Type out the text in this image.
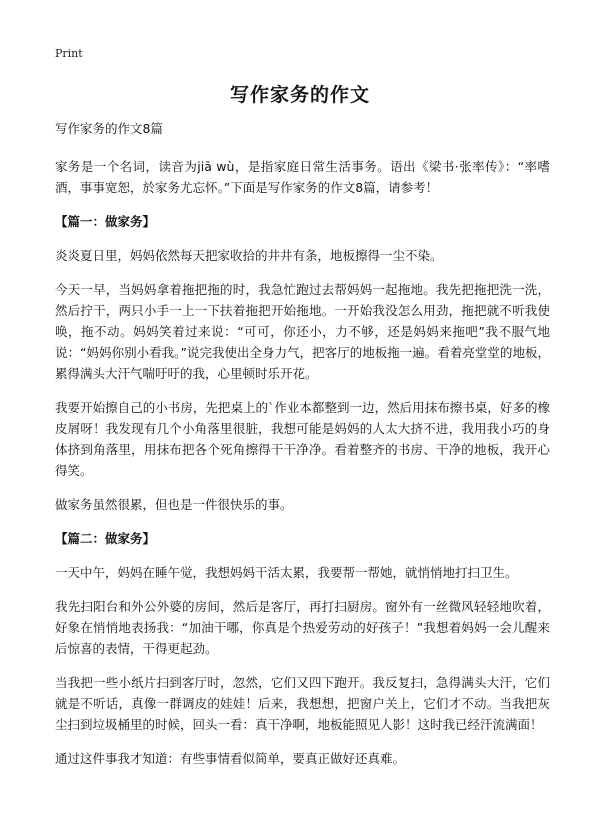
Print
写作家务的作文

写作家务的作文8篇

家务是一个名词，读音为jiā wù，是指家庭日常生活事务。语出《梁书·张率传》：“率嗜酒，事事宽恕，於家务尤忘怀。”下面是写作家务的作文8篇，请参考！

【篇一：做家务】

炎炎夏日里，妈妈依然每天把家收拾的井井有条，地板擦得一尘不染。

今天一早，当妈妈拿着拖把拖的时，我急忙跑过去帮妈妈一起拖地。我先把拖把洗一洗，然后拧干，两只小手一上一下扶着拖把开始拖地。一开始我没怎么用劲，拖把就不听我使唤，拖不动。妈妈笑着过来说：“可可，你还小，力不够，还是妈妈来拖吧”我不服气地说：“妈妈你别小看我。”说完我使出全身力气，把客厅的地板拖一遍。看着亮堂堂的地板，累得满头大汗气喘吁吁的我，心里顿时乐开花。

我要开始擦自己的小书房，先把桌上的`作业本都整到一边，然后用抹布擦书桌，好多的橡皮屑呀！我发现有几个小角落里很脏，我想可能是妈妈的人太大挤不进，我用我小巧的身体挤到角落里，用抹布把各个死角擦得干干净净。看着整齐的书房、干净的地板，我开心得笑。

做家务虽然很累，但也是一件很快乐的事。

【篇二：做家务】

一天中午，妈妈在睡午觉，我想妈妈干活太累，我要帮一帮她，就悄悄地打扫卫生。

我先扫阳台和外公外婆的房间，然后是客厅，再打扫厨房。窗外有一丝微风轻轻地吹着，好象在悄悄地表扬我：“加油干哪，你真是个热爱劳动的好孩子！”我想着妈妈一会儿醒来后惊喜的表情，干得更起劲。

当我把一些小纸片扫到客厅时，忽然，它们又四下跑开。我反复扫，急得满头大汗，它们就是不听话，真像一群调皮的娃娃！后来，我想想，把窗户关上，它们才不动。当我把灰尘扫到垃圾桶里的时候，回头一看：真干净啊，地板能照见人影！这时我已经汗流满面！

通过这件事我才知道：有些事情看似简单，要真正做好还真难。
